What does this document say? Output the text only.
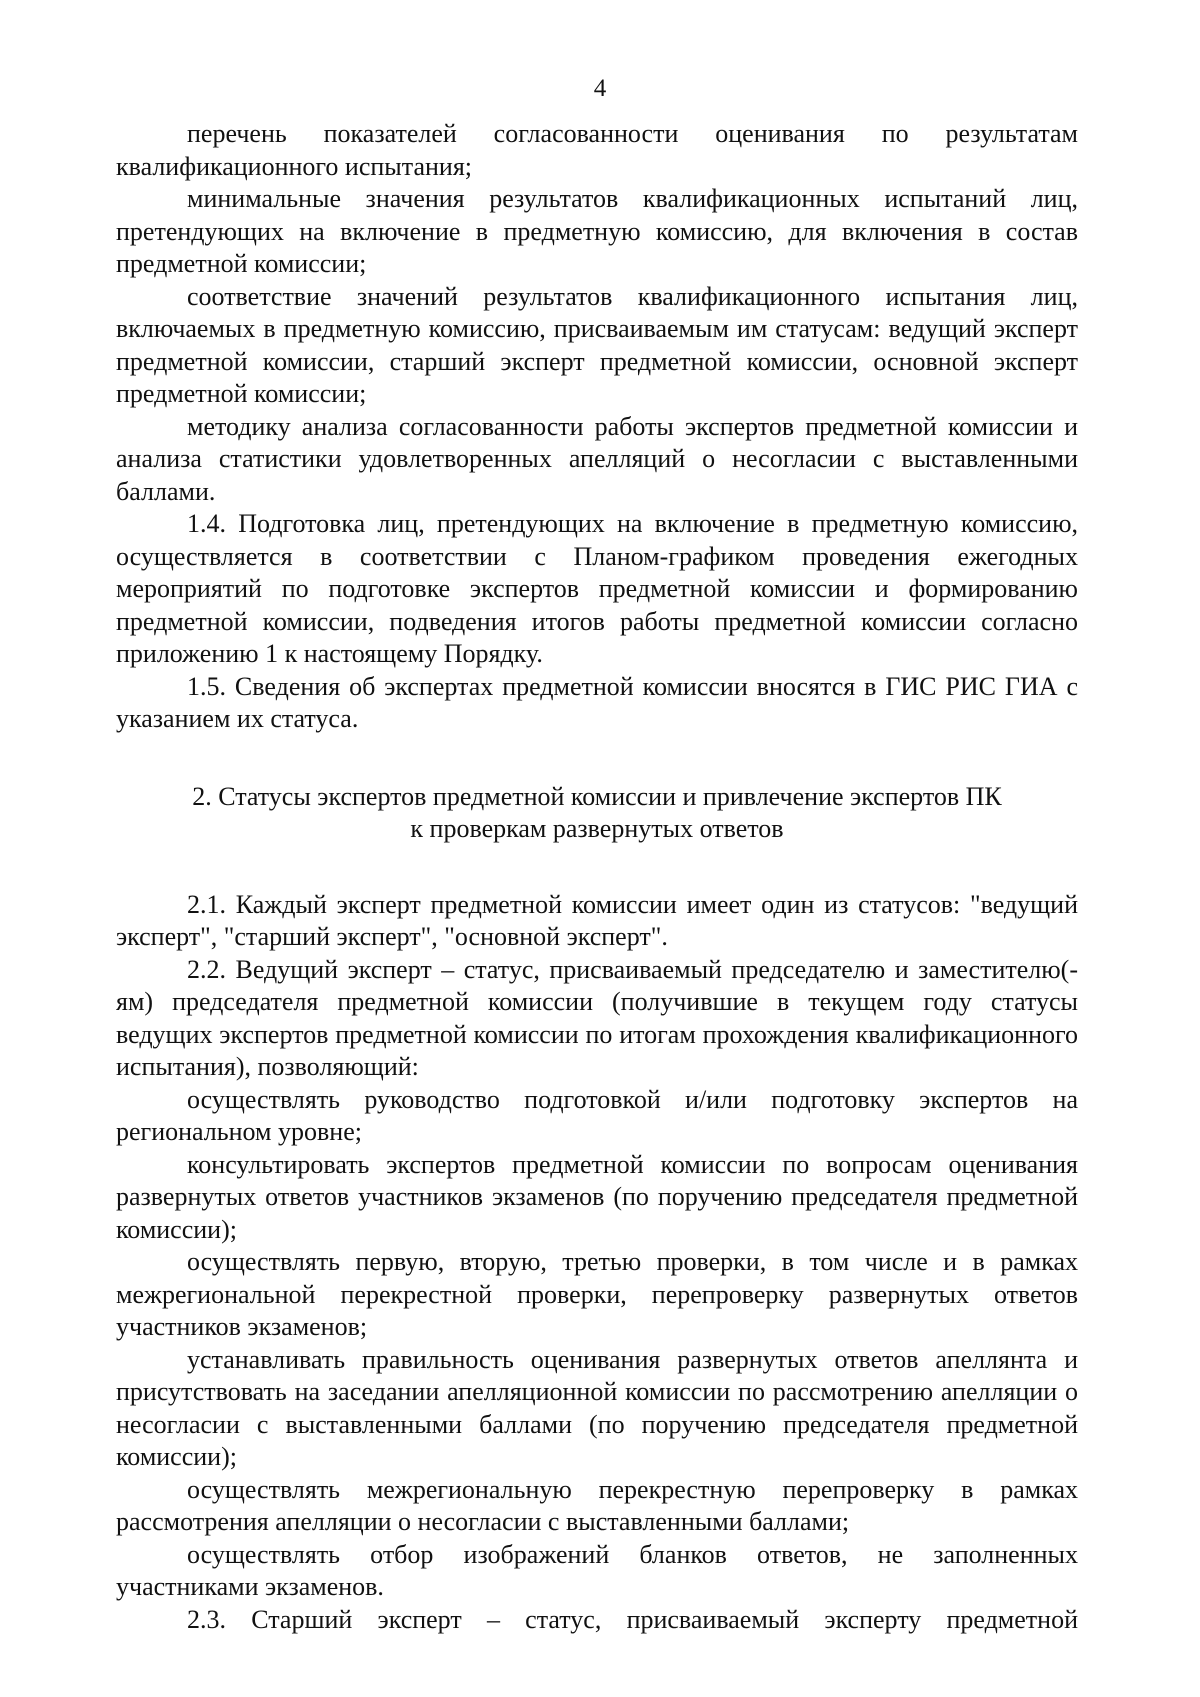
4

перечень показателей согласованности оценивания по результатам квалификационного испытания;

минимальные значения результатов квалификационных испытаний лиц, претендующих на включение в предметную комиссию, для включения в состав предметной комиссии;

соответствие значений результатов квалификационного испытания лиц, включаемых в предметную комиссию, присваиваемым им статусам: ведущий эксперт предметной комиссии, старший эксперт предметной комиссии, основной эксперт предметной комиссии;

методику анализа согласованности работы экспертов предметной комиссии и анализа статистики удовлетворенных апелляций о несогласии с выставленными баллами.

1.4. Подготовка лиц, претендующих на включение в предметную комиссию, осуществляется в соответствии с Планом-графиком проведения ежегодных мероприятий по подготовке экспертов предметной комиссии и формированию предметной комиссии, подведения итогов работы предметной комиссии согласно приложению 1 к настоящему Порядку.

1.5. Сведения об экспертах предметной комиссии вносятся в ГИС РИС ГИА с указанием их статуса.

2. Статусы экспертов предметной комиссии и привлечение экспертов ПК
к проверкам развернутых ответов

2.1. Каждый эксперт предметной комиссии имеет один из статусов: "ведущий эксперт", "старший эксперт", "основной эксперт".

2.2. Ведущий эксперт – статус, присваиваемый председателю и заместителю(-ям) председателя предметной комиссии (получившие в текущем году статусы ведущих экспертов предметной комиссии по итогам прохождения квалификационного испытания), позволяющий:

осуществлять руководство подготовкой и/или подготовку экспертов на региональном уровне;

консультировать экспертов предметной комиссии по вопросам оценивания развернутых ответов участников экзаменов (по поручению председателя предметной комиссии);

осуществлять первую, вторую, третью проверки, в том числе и в рамках межрегиональной перекрестной проверки, перепроверку развернутых ответов участников экзаменов;

устанавливать правильность оценивания развернутых ответов апеллянта и присутствовать на заседании апелляционной комиссии по рассмотрению апелляции о несогласии с выставленными баллами (по поручению председателя предметной комиссии);

осуществлять межрегиональную перекрестную перепроверку в рамках рассмотрения апелляции о несогласии с выставленными баллами;

осуществлять отбор изображений бланков ответов, не заполненных участниками экзаменов.

2.3. Старший эксперт – статус, присваиваемый эксперту предметной
